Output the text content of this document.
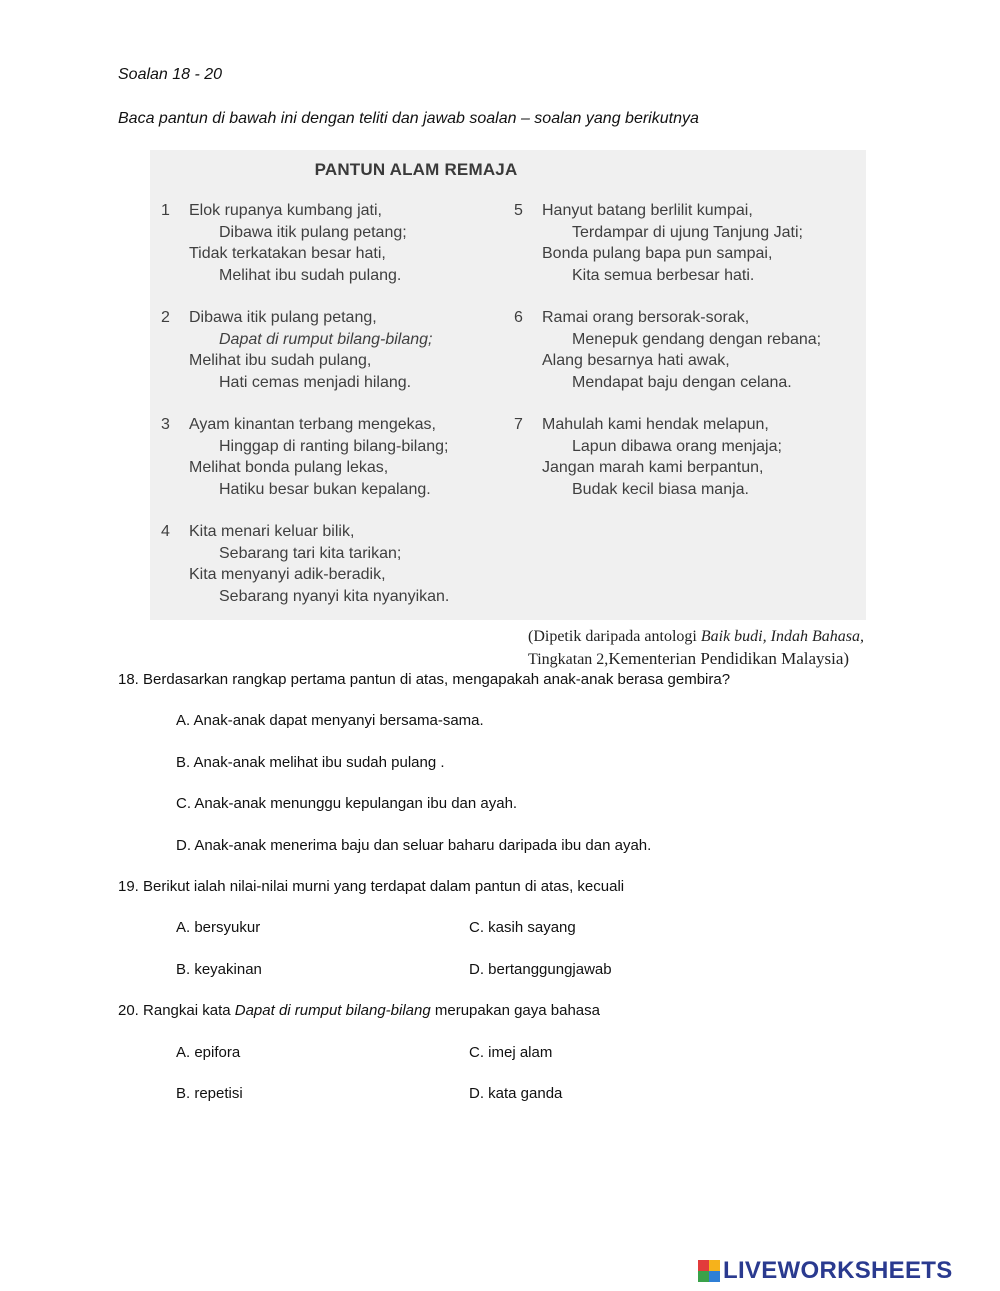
Soalan 18 - 20
Baca pantun di bawah ini dengan teliti dan jawab soalan – soalan yang berikutnya
PANTUN ALAM REMAJA
1 Elok rupanya kumbang jati,
Dibawa itik pulang petang;
Tidak terkatakan besar hati,
Melihat ibu sudah pulang.
2 Dibawa itik pulang petang,
Dapat di rumput bilang-bilang;
Melihat ibu sudah pulang,
Hati cemas menjadi hilang.
3 Ayam kinantan terbang mengekas,
Hinggap di ranting bilang-bilang;
Melihat bonda pulang lekas,
Hatiku besar bukan kepalang.
4 Kita menari keluar bilik,
Sebarang tari kita tarikan;
Kita menyanyi adik-beradik,
Sebarang nyanyi kita nyanyikan.
5 Hanyut batang berlilit kumpai,
Terdampar di ujung Tanjung Jati;
Bonda pulang bapa pun sampai,
Kita semua berbesar hati.
6 Ramai orang bersorak-sorak,
Menepuk gendang dengan rebana;
Alang besarnya hati awak,
Mendapat baju dengan celana.
7 Mahulah kami hendak melapun,
Lapun dibawa orang menjaja;
Jangan marah kami berpantun,
Budak kecil biasa manja.
(Dipetik daripada antologi Baik budi, Indah Bahasa,
Tingkatan 2,Kementerian Pendidikan Malaysia)
18. Berdasarkan rangkap pertama pantun di atas, mengapakah anak-anak berasa gembira?
A. Anak-anak dapat menyanyi bersama-sama.
B. Anak-anak melihat ibu sudah pulang .
C. Anak-anak menunggu kepulangan ibu dan ayah.
D. Anak-anak menerima baju dan seluar baharu daripada ibu dan ayah.
19. Berikut ialah nilai-nilai murni yang terdapat dalam pantun di atas, kecuali
A. bersyukur
B. keyakinan
C. kasih sayang
D. bertanggungjawab
20. Rangkai kata Dapat di rumput bilang-bilang merupakan gaya bahasa
A. epifora
B. repetisi
C. imej alam
D. kata ganda
LIVEWORKSHEETS
